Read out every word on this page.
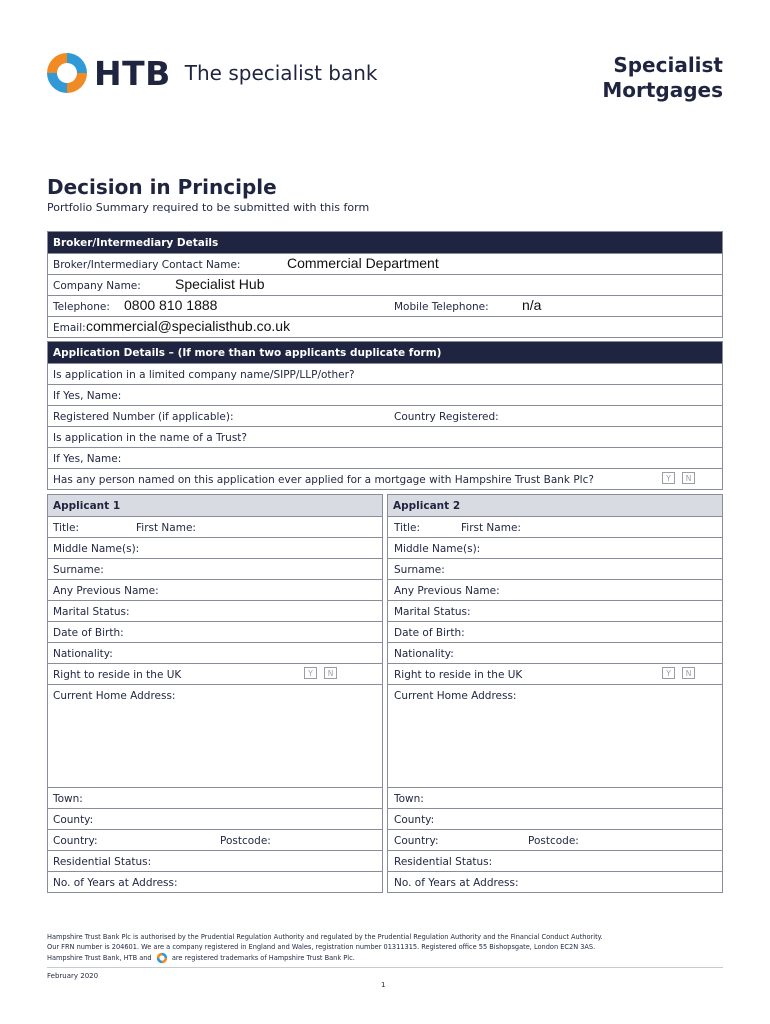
HTB The specialist bank	Specialist
Mortgages
Decision in Principle
Portfolio Summary required to be submitted with this form
Broker/Intermediary Details
Broker/Intermediary Contact Name:	Commercial Department
Company Name: Specialist Hub
Telephone: 0800 810 1888	Mobile Telephone: n/a
Email: commercial@specialisthub.co.uk
Application Details – (If more than two applicants duplicate form)
Is application in a limited company name/SIPP/LLP/other?
If Yes, Name:
Registered Number (if applicable):	Country Registered:
Is application in the name of a Trust?
If Yes, Name:
Has any person named on this application ever applied for a mortgage with Hampshire Trust Bank Plc?	Y	N
Applicant 1
Title:	First Name:
Middle Name(s):
Surname:
Any Previous Name:
Marital Status:
Date of Birth:
Nationality:
Right to reside in the UK	Y	N
Current Home Address:
Town:
County:
Country:	Postcode:
Residential Status:
No. of Years at Address:
Applicant 2
Title:	First Name:
Middle Name(s):
Surname:
Any Previous Name:
Marital Status:
Date of Birth:
Nationality:
Right to reside in the UK	Y	N
Current Home Address:
Town:
County:
Country:	Postcode:
Residential Status:
No. of Years at Address:
Hampshire Trust Bank Plc is authorised by the Prudential Regulation Authority and regulated by the Prudential Regulation Authority and the Financial Conduct Authority.
Our FRN number is 204601. We are a company registered in England and Wales, registration number 01311315. Registered office 55 Bishopsgate, London EC2N 3AS.
Hampshire Trust Bank, HTB and	are registered trademarks of Hampshire Trust Bank Plc.
February 2020
1
